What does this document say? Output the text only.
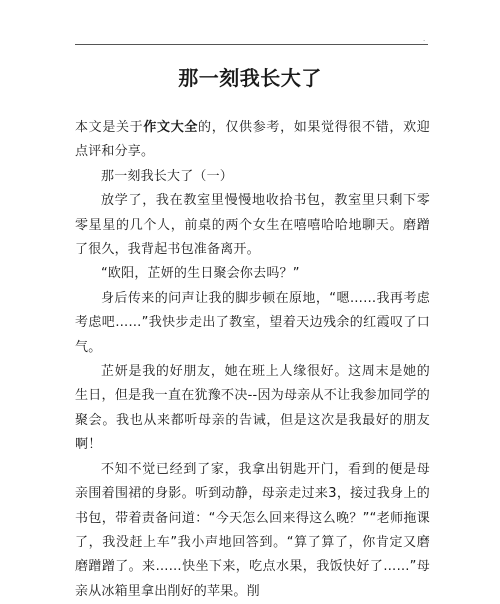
.
那一刻我长大了

本文是关于作文大全的，仅供参考，如果觉得很不错，欢迎点评和分享。

那一刻我长大了（一）

放学了，我在教室里慢慢地收拾书包，教室里只剩下零零星星的几个人，前桌的两个女生在嘻嘻哈哈地聊天。磨蹭了很久，我背起书包准备离开。

“欧阳，芷妍的生日聚会你去吗？”

身后传来的问声让我的脚步顿在原地，“嗯……我再考虑考虑吧……”我快步走出了教室，望着天边残余的红霞叹了口气。

芷妍是我的好朋友，她在班上人缘很好。这周末是她的生日，但是我一直在犹豫不决--因为母亲从不让我参加同学的聚会。我也从来都听母亲的告诫，但是这次是我最好的朋友啊！

不知不觉已经到了家，我拿出钥匙开门，看到的便是母亲围着围裙的身影。听到动静，母亲走过来3，接过我身上的书包，带着责备问道：“今天怎么回来得这么晚？”“老师拖课了，我没赶上车”我小声地回答到。“算了算了，你肯定又磨磨蹭蹭了。来……快坐下来，吃点水果，我饭快好了……”母亲从冰箱里拿出削好的苹果。削
